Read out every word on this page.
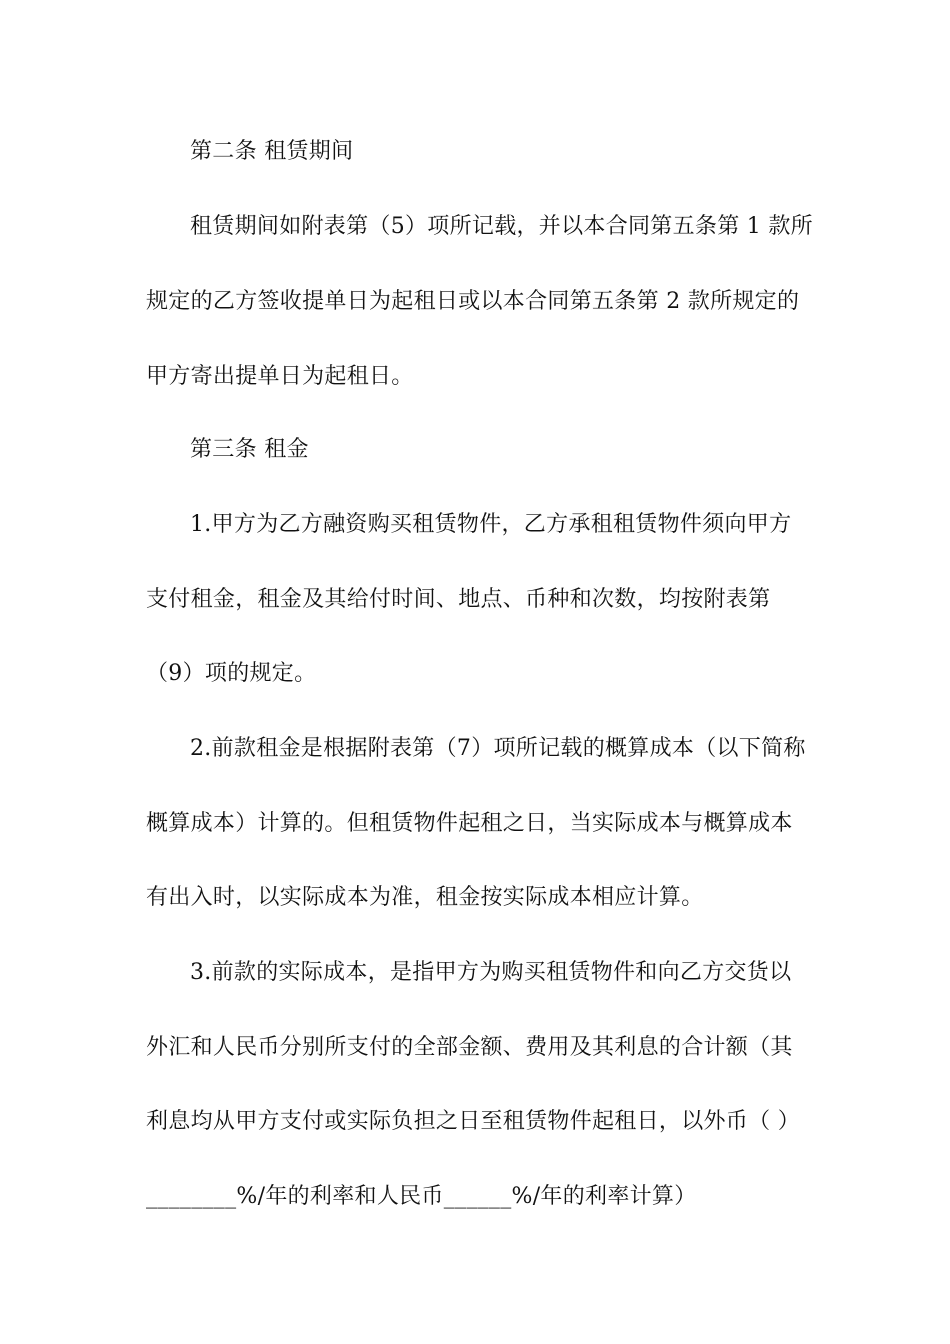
第二条 租赁期间
租赁期间如附表第（5）项所记载，并以本合同第五条第 1 款所
规定的乙方签收提单日为起租日或以本合同第五条第 2 款所规定的
甲方寄出提单日为起租日。
第三条 租金
1.甲方为乙方融资购买租赁物件，乙方承租租赁物件须向甲方
支付租金，租金及其给付时间、地点、币种和次数，均按附表第
（9）项的规定。
2.前款租金是根据附表第（7）项所记载的概算成本（以下简称
概算成本）计算的。但租赁物件起租之日，当实际成本与概算成本
有出入时，以实际成本为准，租金按实际成本相应计算。
3.前款的实际成本，是指甲方为购买租赁物件和向乙方交货以
外汇和人民币分别所支付的全部金额、费用及其利息的合计额（其
利息均从甲方支付或实际负担之日至租赁物件起租日，以外币（ ）
________%/年的利率和人民币______%/年的利率计算）
